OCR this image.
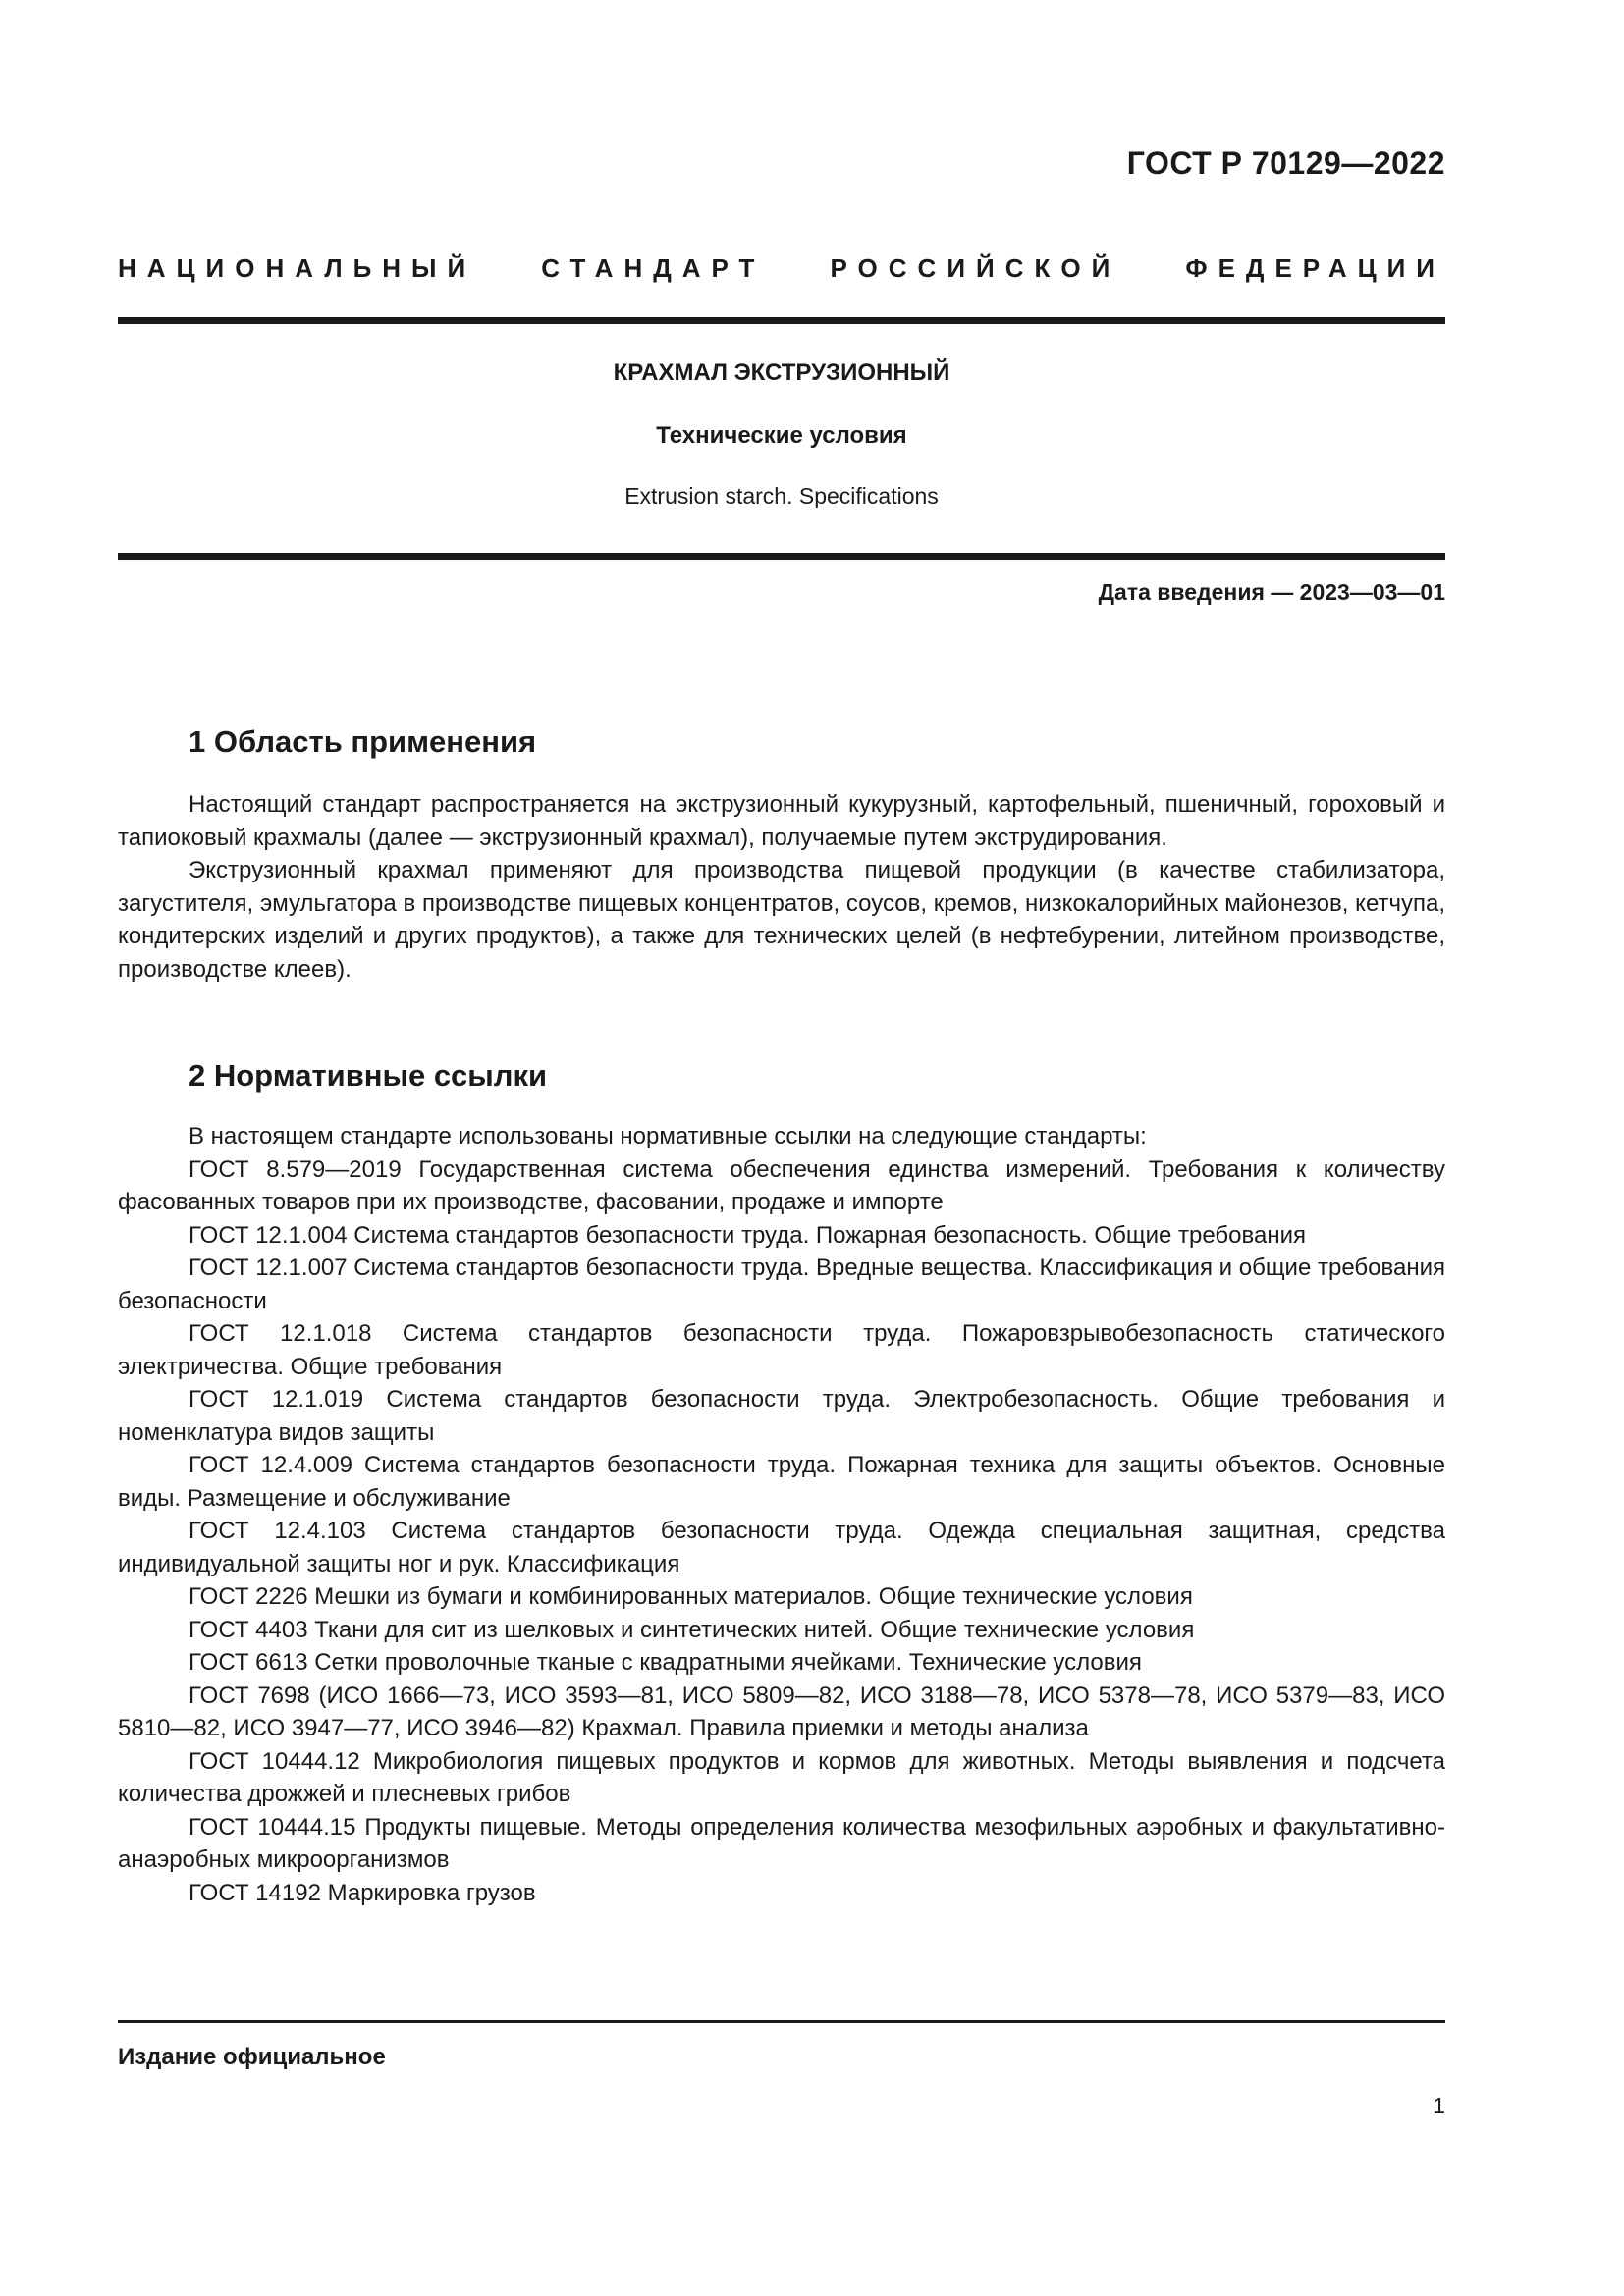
ГОСТ Р 70129—2022
НАЦИОНАЛЬНЫЙ СТАНДАРТ РОССИЙСКОЙ ФЕДЕРАЦИИ
КРАХМАЛ ЭКСТРУЗИОННЫЙ
Технические условия
Extrusion starch. Specifications
Дата введения — 2023—03—01
1 Область применения

Настоящий стандарт распространяется на экструзионный кукурузный, картофельный, пшеничный, гороховый и тапиоковый крахмалы (далее — экструзионный крахмал), получаемые путем экструдирования.

Экструзионный крахмал применяют для производства пищевой продукции (в качестве стабилизатора, загустителя, эмульгатора в производстве пищевых концентратов, соусов, кремов, низкокалорийных майонезов, кетчупа, кондитерских изделий и других продуктов), а также для технических целей (в нефтебурении, литейном производстве, производстве клеев).

2 Нормативные ссылки

В настоящем стандарте использованы нормативные ссылки на следующие стандарты:

ГОСТ 8.579—2019 Государственная система обеспечения единства измерений. Требования к количеству фасованных товаров при их производстве, фасовании, продаже и импорте

ГОСТ 12.1.004 Система стандартов безопасности труда. Пожарная безопасность. Общие требования

ГОСТ 12.1.007 Система стандартов безопасности труда. Вредные вещества. Классификация и общие требования безопасности

ГОСТ 12.1.018 Система стандартов безопасности труда. Пожаровзрывобезопасность статического электричества. Общие требования

ГОСТ 12.1.019 Система стандартов безопасности труда. Электробезопасность. Общие требования и номенклатура видов защиты

ГОСТ 12.4.009 Система стандартов безопасности труда. Пожарная техника для защиты объектов. Основные виды. Размещение и обслуживание

ГОСТ 12.4.103 Система стандартов безопасности труда. Одежда специальная защитная, средства индивидуальной защиты ног и рук. Классификация

ГОСТ 2226 Мешки из бумаги и комбинированных материалов. Общие технические условия

ГОСТ 4403 Ткани для сит из шелковых и синтетических нитей. Общие технические условия

ГОСТ 6613 Сетки проволочные тканые с квадратными ячейками. Технические условия

ГОСТ 7698 (ИСО 1666—73, ИСО 3593—81, ИСО 5809—82, ИСО 3188—78, ИСО 5378—78, ИСО 5379—83, ИСО 5810—82, ИСО 3947—77, ИСО 3946—82) Крахмал. Правила приемки и методы анализа

ГОСТ 10444.12 Микробиология пищевых продуктов и кормов для животных. Методы выявления и подсчета количества дрожжей и плесневых грибов

ГОСТ 10444.15 Продукты пищевые. Методы определения количества мезофильных аэробных и факультативно-анаэробных микроорганизмов

ГОСТ 14192 Маркировка грузов

Издание официальное
1
